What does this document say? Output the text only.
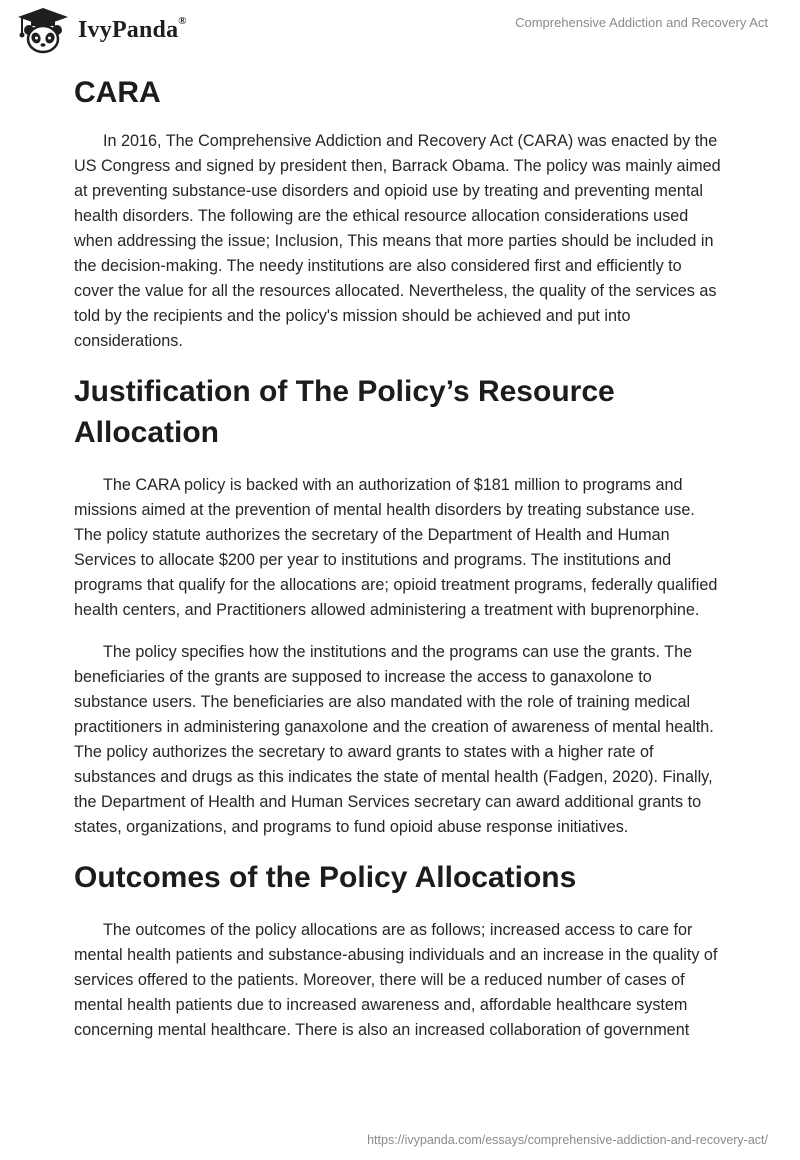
IvyPanda®	Comprehensive Addiction and Recovery Act
CARA

In 2016, The Comprehensive Addiction and Recovery Act (CARA) was enacted by the US Congress and signed by president then, Barrack Obama. The policy was mainly aimed at preventing substance-use disorders and opioid use by treating and preventing mental health disorders. The following are the ethical resource allocation considerations used when addressing the issue; Inclusion, This means that more parties should be included in the decision-making. The needy institutions are also considered first and efficiently to cover the value for all the resources allocated. Nevertheless, the quality of the services as told by the recipients and the policy's mission should be achieved and put into considerations.

Justification of The Policy’s Resource Allocation

The CARA policy is backed with an authorization of $181 million to programs and missions aimed at the prevention of mental health disorders by treating substance use. The policy statute authorizes the secretary of the Department of Health and Human Services to allocate $200 per year to institutions and programs. The institutions and programs that qualify for the allocations are; opioid treatment programs, federally qualified health centers, and Practitioners allowed administering a treatment with buprenorphine.

The policy specifies how the institutions and the programs can use the grants. The beneficiaries of the grants are supposed to increase the access to ganaxolone to substance users. The beneficiaries are also mandated with the role of training medical practitioners in administering ganaxolone and the creation of awareness of mental health. The policy authorizes the secretary to award grants to states with a higher rate of substances and drugs as this indicates the state of mental health (Fadgen, 2020). Finally, the Department of Health and Human Services secretary can award additional grants to states, organizations, and programs to fund opioid abuse response initiatives.

Outcomes of the Policy Allocations

The outcomes of the policy allocations are as follows; increased access to care for mental health patients and substance-abusing individuals and an increase in the quality of services offered to the patients. Moreover, there will be a reduced number of cases of mental health patients due to increased awareness and, affordable healthcare system concerning mental healthcare. There is also an increased collaboration of government

https://ivypanda.com/essays/comprehensive-addiction-and-recovery-act/
